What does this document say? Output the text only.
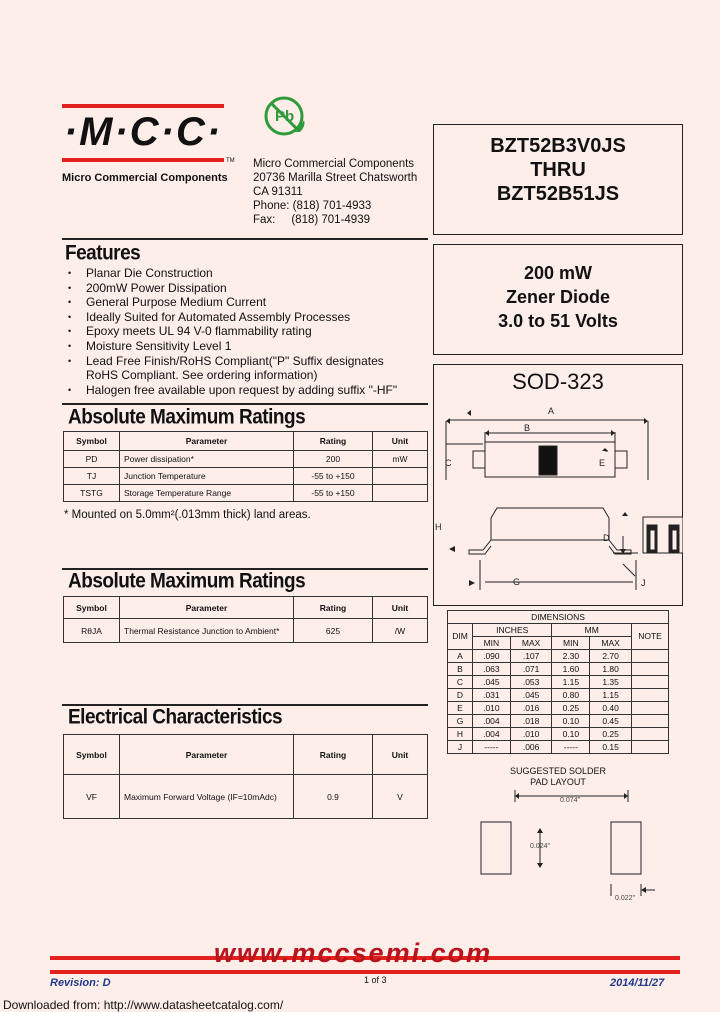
·M·C·C·
TM
Micro Commercial Components
Pb
Micro Commercial Components
20736 Marilla Street Chatsworth
CA 91311
Phone: (818) 701-4933
Fax:     (818) 701-4939
BZT52B3V0JS
THRU
BZT52B51JS
200 mW
Zener Diode
3.0 to 51 Volts
SOD-323
A
B
C	E
H
D
G	J
Features
• Planar Die Construction
• 200mW Power Dissipation
• General Purpose Medium Current
• Ideally Suited for Automated Assembly Processes
• Epoxy meets UL 94 V-0 flammability rating
• Moisture Sensitivity Level 1
• Lead Free Finish/RoHS Compliant("P" Suffix designates RoHS Compliant. See ordering information)
• Halogen free available upon request by adding suffix "-HF"
Absolute Maximum Ratings
Symbol	Parameter	Rating	Unit
PD	Power dissipation*	200	mW
TJ	Junction Temperature	-55 to +150	
TSTG	Storage Temperature Range	-55 to +150	
* Mounted on 5.0mm²(.013mm thick) land areas.
Absolute Maximum Ratings
Symbol	Parameter	Rating	Unit
RθJA	Thermal Resistance Junction to Ambient*	625	/W
Electrical Characteristics
Symbol	Parameter	Rating	Unit
VF	Maximum Forward Voltage (IF=10mAdc)	0.9	V
DIMENSIONS					
DIM	INCHES		MM		NOTE
	MIN	MAX	MIN	MAX	
A	.090	.107	2.30	2.70	
B	.063	.071	1.60	1.80	
C	.045	.053	1.15	1.35	
D	.031	.045	0.80	1.15	
E	.010	.016	0.25	0.40	
G	.004	.018	0.10	0.45	
H	.004	.010	0.10	0.25	
J	-----	.006	-----	0.15	
SUGGESTED SOLDER
PAD LAYOUT
0.074"
0.024"
0.022"
www.mccsemi.com
Revision: D	1 of 3	2014/11/27
Downloaded from: http://www.datasheetcatalog.com/
